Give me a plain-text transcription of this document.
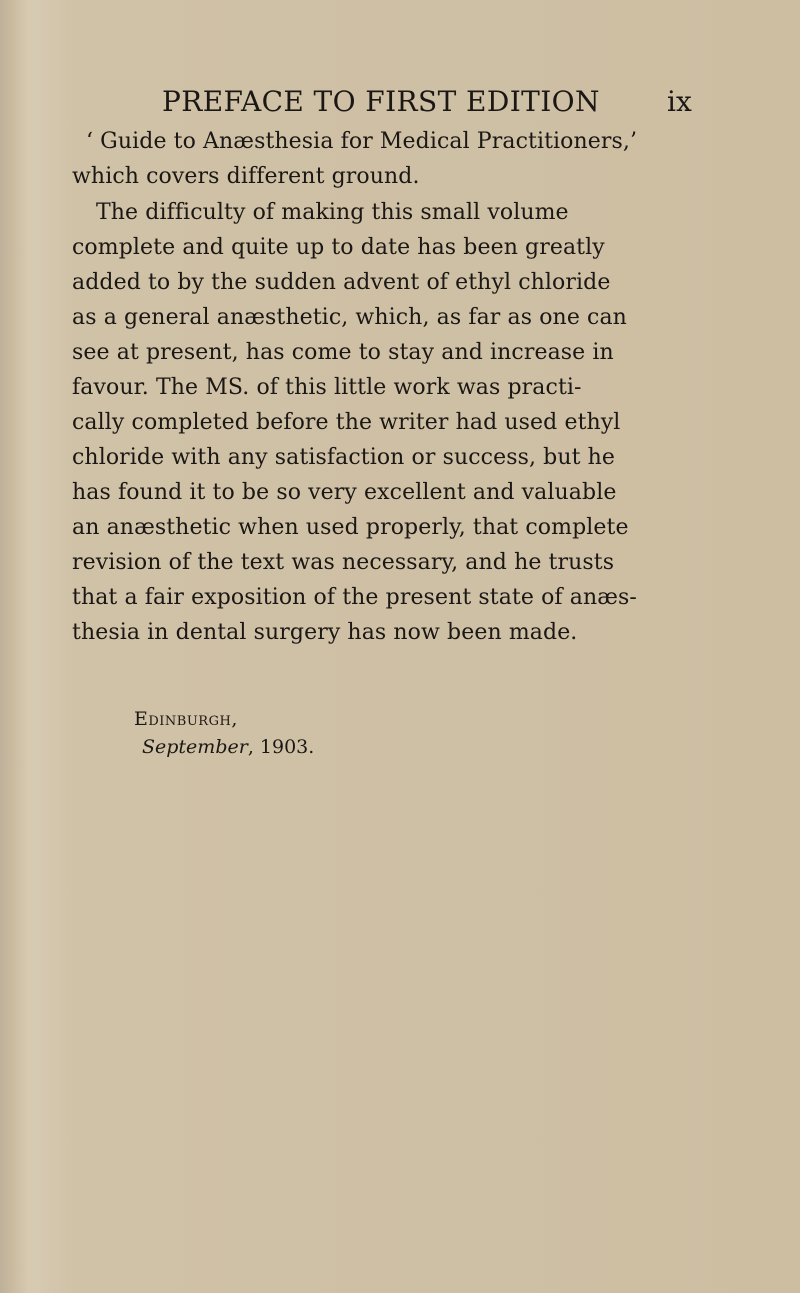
PREFACE TO FIRST EDITION ix
‘ Guide to Anæsthesia for Medical Practitioners,’
which covers different ground.
The difficulty of making this small volume
complete and quite up to date has been greatly
added to by the sudden advent of ethyl chloride
as a general anæsthetic, which, as far as one can
see at present, has come to stay and increase in
favour. The MS. of this little work was practi-
cally completed before the writer had used ethyl
chloride with any satisfaction or success, but he
has found it to be so very excellent and valuable
an anæsthetic when used properly, that complete
revision of the text was necessary, and he trusts
that a fair exposition of the present state of anæs-
thesia in dental surgery has now been made.
Edinburgh,
September, 1903.
